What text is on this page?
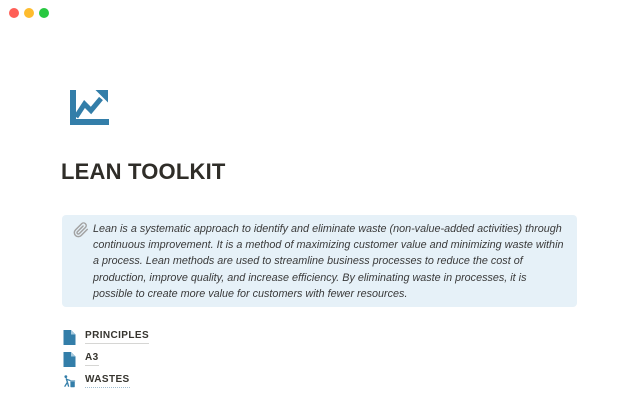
LEAN TOOLKIT

Lean is a systematic approach to identify and eliminate waste (non-value-added activities) through continuous improvement. It is a method of maximizing customer value and minimizing waste within a process. Lean methods are used to streamline business processes to reduce the cost of production, improve quality, and increase efficiency. By eliminating waste in processes, it is possible to create more value for customers with fewer resources.

PRINCIPLES
A3
WASTES
